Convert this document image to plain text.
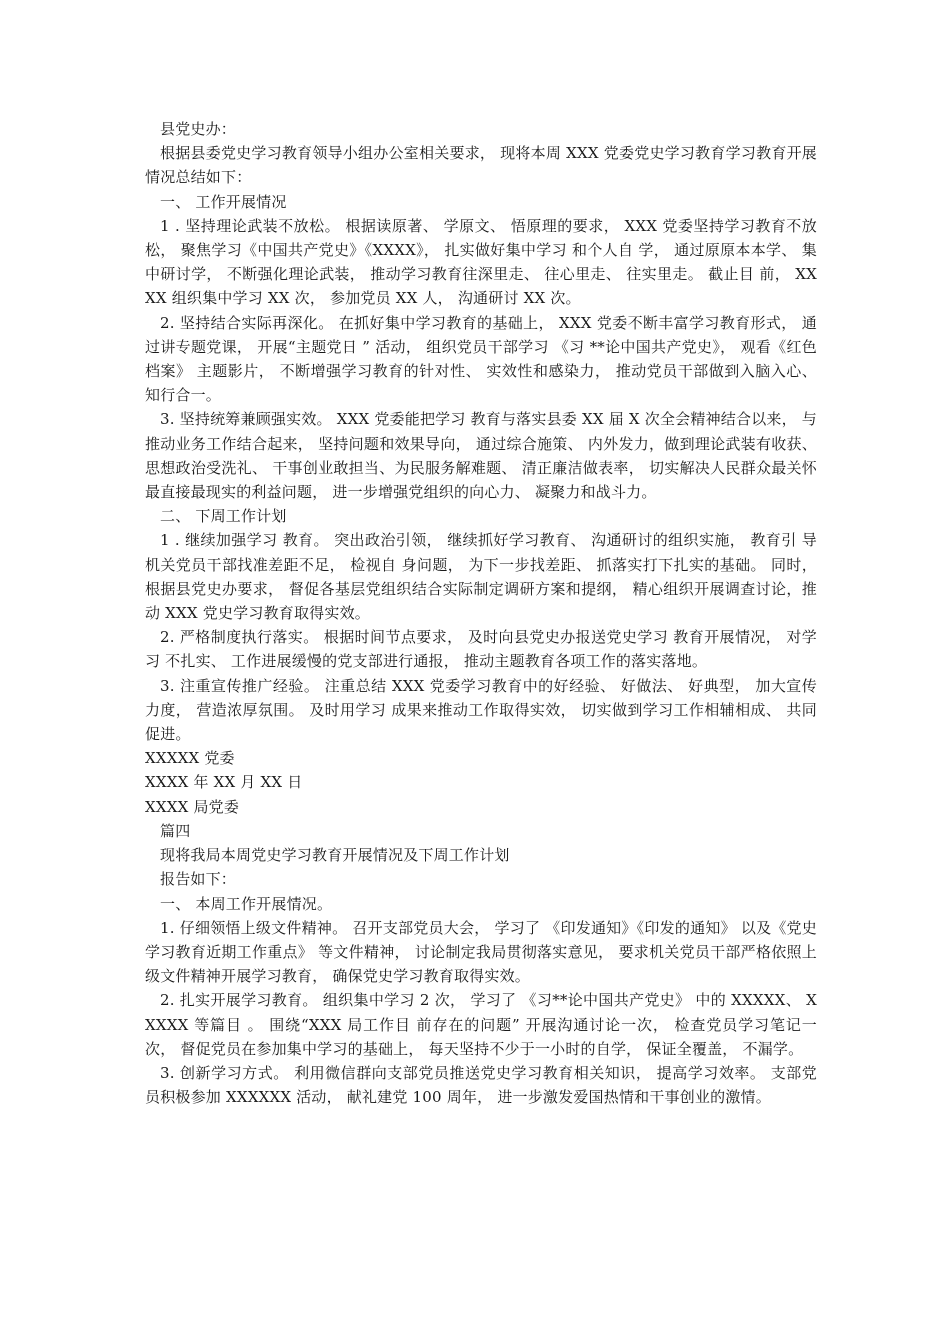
县党史办：

根据县委党史学习教育领导小组办公室相关要求， 现将本周 XXX 党委党史学习教育学习教育开展情况总结如下：

一、 工作开展情况

1 . 坚持理论武装不放松。 根据读原著、 学原文、 悟原理的要求， XXX 党委坚持学习教育不放松， 聚焦学习《中国共产党史》《XXXX》， 扎实做好集中学习 和个人自 学， 通过原原本本学、 集中研讨学， 不断强化理论武装， 推动学习教育往深里走、 往心里走、 往实里走。 截止目 前， XXXX 组织集中学习 XX 次， 参加党员 XX 人， 沟通研讨 XX 次。

2. 坚持结合实际再深化。 在抓好集中学习教育的基础上， XXX 党委不断丰富学习教育形式， 通过讲专题党课， 开展“主题党日 ” 活动， 组织党员干部学习 《习 **论中国共产党史》， 观看《红色档案》 主题影片， 不断增强学习教育的针对性、 实效性和感染力， 推动党员干部做到入脑入心、知行合一。

3. 坚持统筹兼顾强实效。 XXX 党委能把学习 教育与落实县委 XX 届 X 次全会精神结合以来， 与推动业务工作结合起来， 坚持问题和效果导向， 通过综合施策、 内外发力，做到理论武装有收获、 思想政治受洗礼、 干事创业敢担当、为民服务解难题、 清正廉洁做表率， 切实解决人民群众最关怀最直接最现实的利益问题， 进一步增强党组织的向心力、 凝聚力和战斗力。

二、 下周工作计划

1 . 继续加强学习 教育。 突出政治引领， 继续抓好学习教育、 沟通研讨的组织实施， 教育引 导机关党员干部找准差距不足， 检视自 身问题， 为下一步找差距、 抓落实打下扎实的基础。 同时， 根据县党史办要求， 督促各基层党组织结合实际制定调研方案和提纲， 精心组织开展调查讨论，推动 XXX 党史学习教育取得实效。

2. 严格制度执行落实。 根据时间节点要求， 及时向县党史办报送党史学习 教育开展情况， 对学习 不扎实、 工作进展缓慢的党支部进行通报， 推动主题教育各项工作的落实落地。

3. 注重宣传推广经验。 注重总结 XXX 党委学习教育中的好经验、 好做法、 好典型， 加大宣传力度， 营造浓厚氛围。 及时用学习 成果来推动工作取得实效， 切实做到学习工作相辅相成、 共同促进。

XXXXX 党委

XXXX 年 XX 月 XX 日

XXXX 局党委

篇四

现将我局本周党史学习教育开展情况及下周工作计划

报告如下：

一、 本周工作开展情况。

1. 仔细领悟上级文件精神。 召开支部党员大会， 学习了 《印发通知》《印发的通知》 以及《党史学习教育近期工作重点》 等文件精神， 讨论制定我局贯彻落实意见， 要求机关党员干部严格依照上级文件精神开展学习教育， 确保党史学习教育取得实效。

2. 扎实开展学习教育。 组织集中学习 2 次， 学习了 《习**论中国共产党史》 中的 XXXXX、 XXXXX 等篇目 。 围绕“XXX 局工作目 前存在的问题” 开展沟通讨论一次， 检查党员学习笔记一次， 督促党员在参加集中学习的基础上， 每天坚持不少于一小时的自学， 保证全覆盖， 不漏学。

3. 创新学习方式。 利用微信群向支部党员推送党史学习教育相关知识， 提高学习效率。 支部党员积极参加 XXXXXX 活动， 献礼建党 100 周年， 进一步激发爱国热情和干事创业的激情。
